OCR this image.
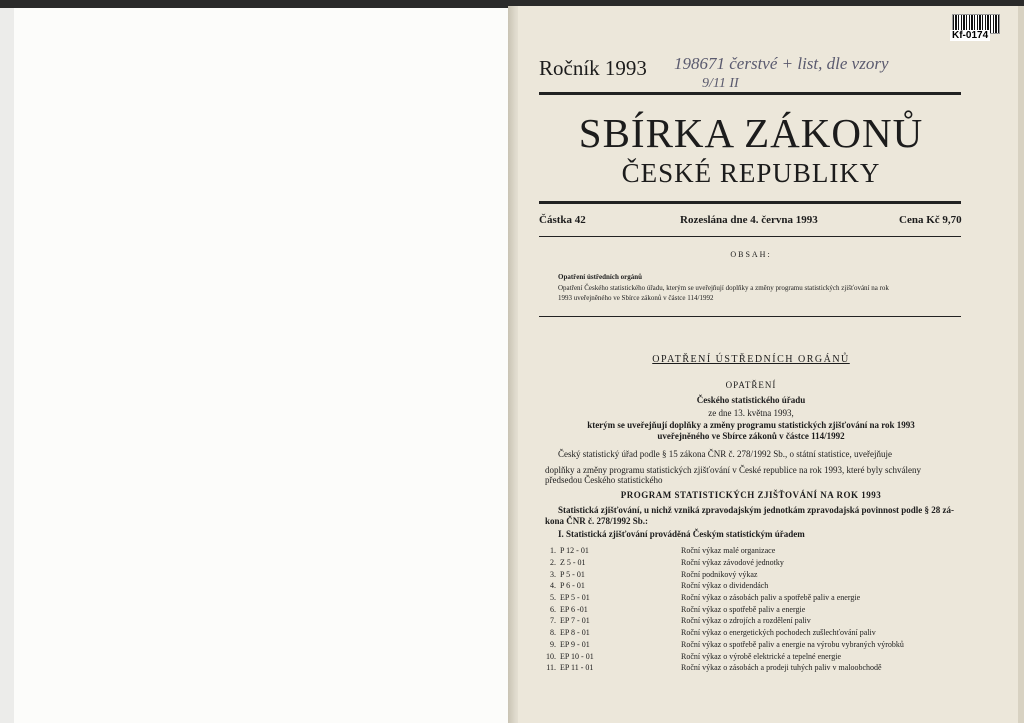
Kf-0174
Ročník 1993 198671 čerstvé + list, dle vzory
9/11 II
SBÍRKA ZÁKONŮ
ČESKÉ REPUBLIKY
Částka 42	Rozeslána dne 4. června 1993	Cena Kč 9,70
OBSAH:
Opatření ústředních orgánů
Opatření Českého statistického úřadu, kterým se uveřejňují doplňky a změny programu statistických zjišťování na rok
1993 uveřejněného ve Sbírce zákonů v částce 114/1992
OPATŘENÍ ÚSTŘEDNÍCH ORGÁNŮ
OPATŘENÍ
Českého statistického úřadu
ze dne 13. května 1993,
kterým se uveřejňují doplňky a změny programu statistických zjišťování na rok 1993
uveřejněného ve Sbírce zákonů v částce 114/1992
Český statistický úřad podle § 15 zákona ČNR č. 278/1992 Sb., o státní statistice, uveřejňuje
doplňky a změny programu statistických zjišťování v České republice na rok 1993, které byly schváleny
předsedou Českého statistického
PROGRAM STATISTICKÝCH ZJIŠŤOVÁNÍ NA ROK 1993
Statistická zjišťování, u nichž vzniká zpravodajským jednotkám zpravodajská povinnost podle § 28 zá-
kona ČNR č. 278/1992 Sb.:
I. Statistická zjišťování prováděná Českým statistickým úřadem
1.	P 12 - 01	Roční výkaz malé organizace
2.	Z 5 - 01	Roční výkaz závodové jednotky
3.	P 5 - 01	Roční podnikový výkaz
4.	P 6 - 01	Roční výkaz o dividendách
5.	EP 5 - 01	Roční výkaz o zásobách paliv a spotřebě paliv a energie
6.	EP 6 -01	Roční výkaz o spotřebě paliv a energie
7.	EP 7 - 01	Roční výkaz o zdrojích a rozdělení paliv
8.	EP 8 - 01	Roční výkaz o energetických pochodech zušlechťování paliv
9.	EP 9 - 01	Roční výkaz o spotřebě paliv a energie na výrobu vybraných výrobků
10.	EP 10 - 01	Roční výkaz o výrobě elektrické a tepelné energie
11.	EP 11 - 01	Roční výkaz o zásobách a prodeji tuhých paliv v maloobchodě
